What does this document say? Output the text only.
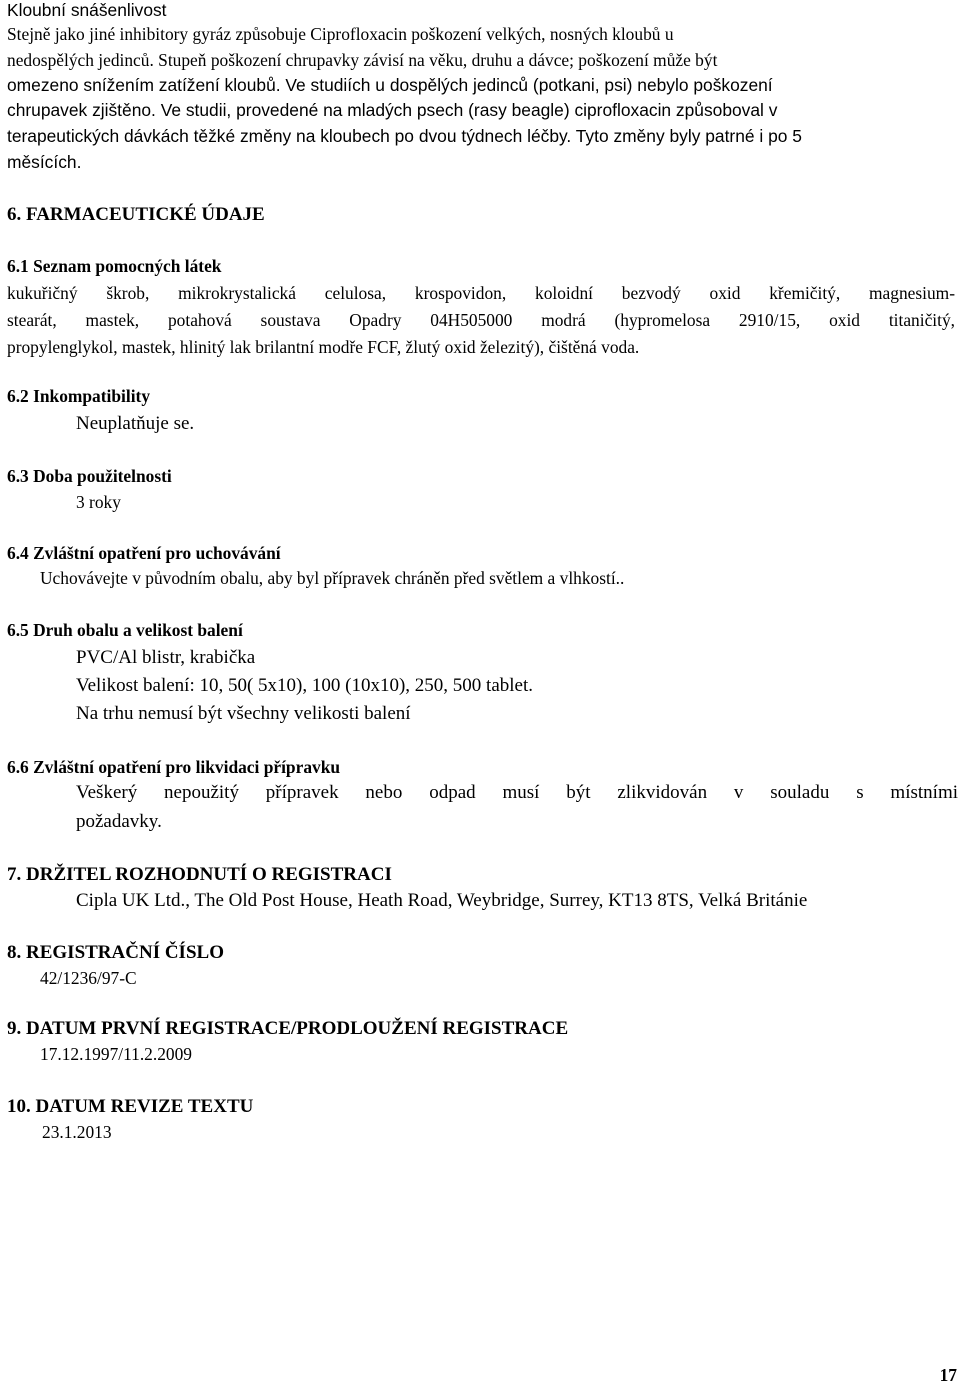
Kloubní snášenlivost
Stejně jako jiné inhibitory gyráz způsobuje Ciprofloxacin poškození velkých, nosných kloubů u
nedospělých jedinců. Stupeň poškození chrupavky závisí na věku, druhu a dávce; poškození může být
omezeno snížením zatížení kloubů. Ve studiích u dospělých jedinců (potkani, psi) nebylo poškození
chrupavek zjištěno. Ve studii, provedené na mladých psech (rasy beagle) ciprofloxacin způsoboval v
terapeutických dávkách těžké změny na kloubech po dvou týdnech léčby. Tyto změny byly patrné i po 5
měsících.
6. FARMACEUTICKÉ ÚDAJE
6.1 Seznam pomocných látek
kukuřičný škrob, mikrokrystalická celulosa, krospovidon, koloidní bezvodý oxid křemičitý, magnesium-
stearát, mastek, potahová soustava Opadry 04H505000 modrá (hypromelosa 2910/15, oxid titaničitý,
propylenglykol, mastek, hlinitý lak brilantní modře FCF, žlutý oxid železitý), čištěná voda.
6.2 Inkompatibility
Neuplatňuje se.
6.3 Doba použitelnosti
3 roky
6.4 Zvláštní opatření pro uchovávání
Uchovávejte v původním obalu, aby byl přípravek chráněn před světlem a vlhkostí..
6.5 Druh obalu a velikost balení
PVC/Al blistr, krabička
Velikost balení: 10, 50( 5x10), 100 (10x10), 250, 500 tablet.
Na trhu nemusí být všechny velikosti balení
6.6 Zvláštní opatření pro likvidaci přípravku
Veškerý nepoužitý přípravek nebo odpad musí být zlikvidován v souladu s místními
požadavky.
7. DRŽITEL ROZHODNUTÍ O REGISTRACI
Cipla UK Ltd., The Old Post House, Heath Road, Weybridge, Surrey, KT13 8TS, Velká Británie
8. REGISTRAČNÍ ČÍSLO
42/1236/97-C
9. DATUM PRVNÍ REGISTRACE/PRODLOUŽENÍ REGISTRACE
17.12.1997/11.2.2009
10. DATUM REVIZE TEXTU
23.1.2013
17
